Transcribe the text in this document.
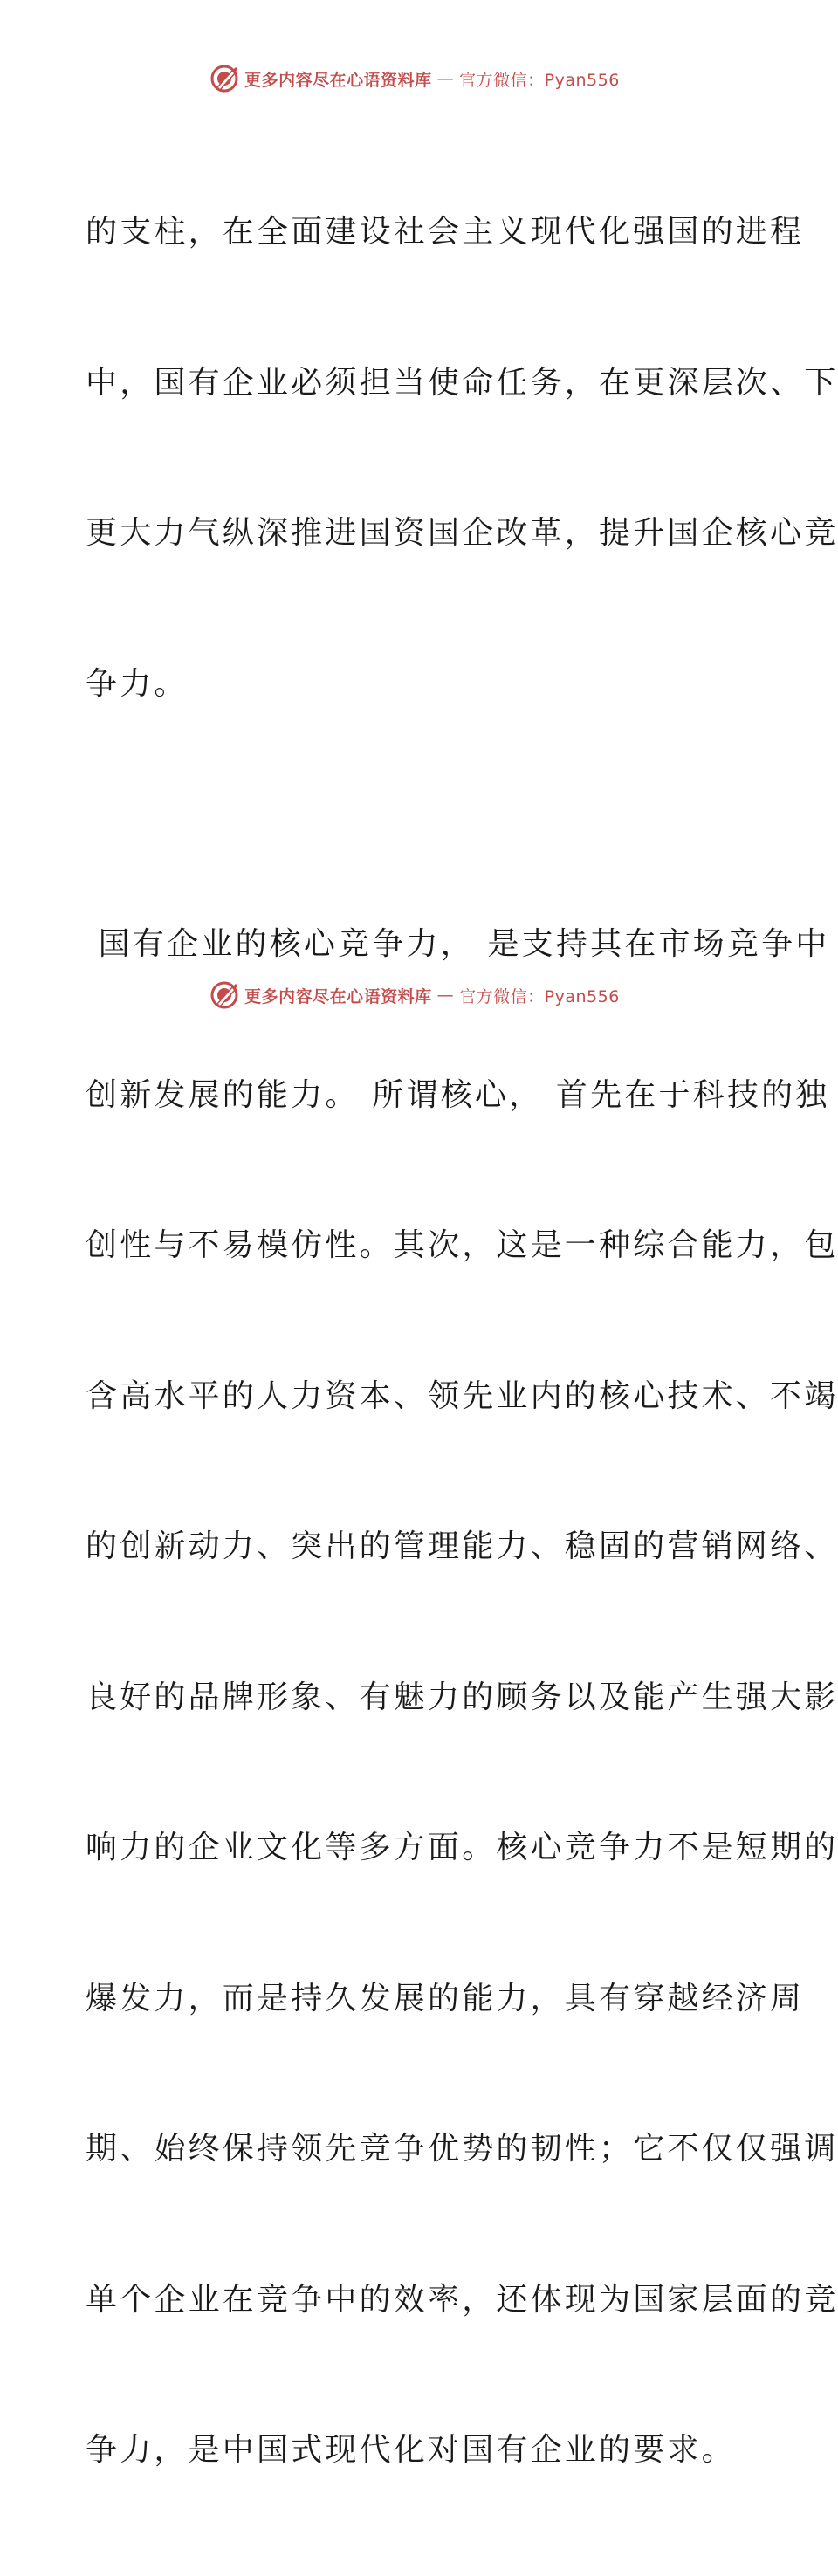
更多内容尽在心语资料库 — 官方微信：Pyan556

的支柱，在全面建设社会主义现代化强国的进程

中，国有企业必须担当使命任务，在更深层次、下

更大力气纵深推进国资国企改革，提升国企核心竞

争力。

国有企业的核心竞争力， 是支持其在市场竞争中

创新发展的能力。 所谓核心， 首先在于科技的独

创性与不易模仿性。其次，这是一种综合能力，包

含高水平的人力资本、领先业内的核心技术、不竭

的创新动力、突出的管理能力、稳固的营销网络、

良好的品牌形象、有魅力的顾务以及能产生强大影

响力的企业文化等多方面。核心竞争力不是短期的

爆发力，而是持久发展的能力，具有穿越经济周

期、始终保持领先竞争优势的韧性；它不仅仅强调

单个企业在竞争中的效率，还体现为国家层面的竞

争力，是中国式现代化对国有企业的要求。

更多内容尽在心语资料库 — 官方微信：Pyan556
